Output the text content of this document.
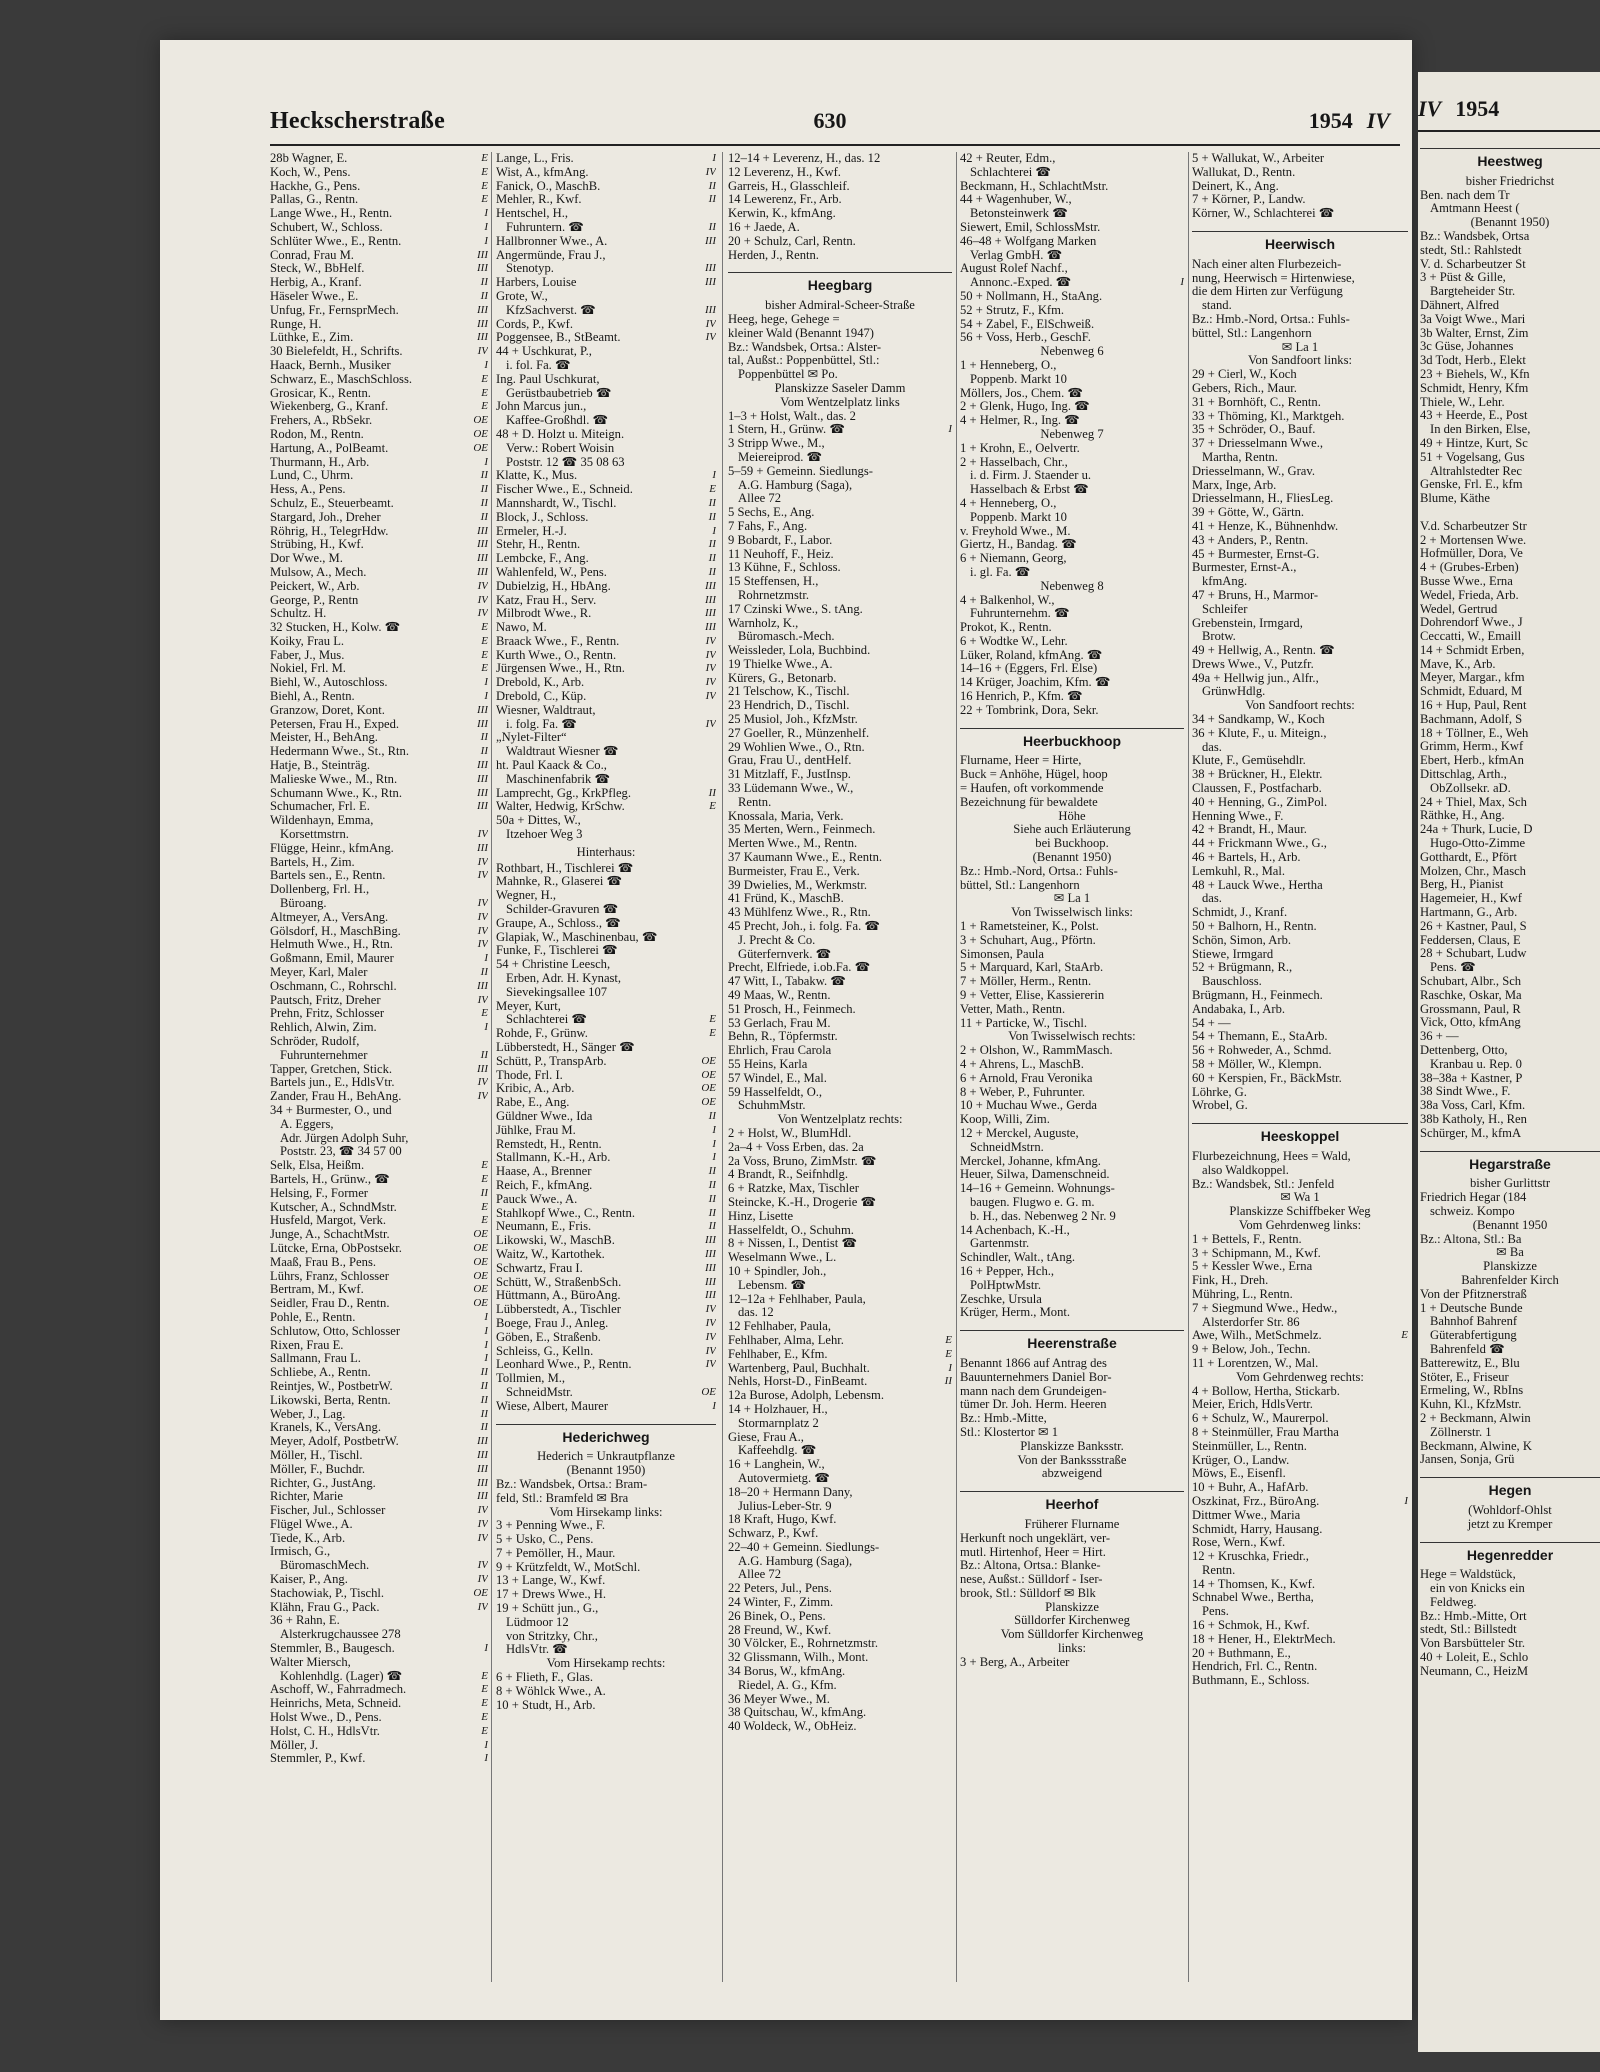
Heckscherstraße	630	1954 IV
28b Wagner, E.	E
Koch, W., Pens.	E
Hackhe, G., Pens.	E
Pallas, G., Rentn.	E
Lange Wwe., H., Rentn.	I
Schubert, W., Schloss.	I
Schlüter Wwe., E., Rentn.	I
Conrad, Frau M.	III
Steck, W., BbHelf.	III
Herbig, A., Kranf.	II
Häseler Wwe., E.	II
Unfug, Fr., FernsprMech.	III
Runge, H.	III
Lüthke, E., Zim.	III
30 Bielefeldt, H., Schrifts.	IV
Haack, Bernh., Musiker	I
Schwarz, E., MaschSchloss.	E
Grosicar, K., Rentn.	E
Wiekenberg, G., Kranf.	E
Frehers, A., RbSekr.	OE
Rodon, M., Rentn.	OE
Hartung, A., PolBeamt.	OE
Thurmann, H., Arb.	I
Lund, C., Uhrm.	II
Hess, A., Pens.	II
Schulz, E., Steuerbeamt.	II
Stargard, Joh., Dreher	II
Röhrig, H., TelegrHdw.	III
Strübing, H., Kwf.	III
Dor Wwe., M.	III
Mulsow, A., Mech.	III
Peickert, W., Arb.	IV
George, P., Rentn	IV
Schultz. H.	IV
32 Stucken, H., Kolw. ☎	E
Koiky, Frau L.	E
Faber, J., Mus.	E
Nokiel, Frl. M.	E
Biehl, W., Autoschloss.	I
Biehl, A., Rentn.	I
Granzow, Doret, Kont.	III
Petersen, Frau H., Exped.	III
Meister, H., BehAng.	II
Hedermann Wwe., St., Rtn.	II
Hatje, B., Steinträg.	III
Malieske Wwe., M., Rtn.	III
Schumann Wwe., K., Rtn.	III
Schumacher, Frl. E.	III
Wildenhayn, Emma,
Korsettmstrn.	IV
Flügge, Heinr., kfmAng.	III
Bartels, H., Zim.	IV
Bartels sen., E., Rentn.	IV
Dollenberg, Frl. H.,
Büroang.	IV
Altmeyer, A., VersAng.	IV
Gölsdorf, H., MaschBing.	IV
Helmuth Wwe., H., Rtn.	IV
Goßmann, Emil, Maurer	I
Meyer, Karl, Maler	II
Oschmann, C., Rohrschl.	III
Pautsch, Fritz, Dreher	IV
Prehn, Fritz, Schlosser	E
Rehlich, Alwin, Zim.	I
Schröder, Rudolf,
Fuhrunternehmer	II
Tapper, Gretchen, Stick.	III
Bartels jun., E., HdlsVtr.	IV
Zander, Frau H., BehAng.	IV
34 + Burmester, O., und
A. Eggers,
Adr. Jürgen Adolph Suhr,
Poststr. 23, ☎ 34 57 00
Selk, Elsa, Heißm.	E
Bartels, H., Grünw., ☎	E
Helsing, F., Former	II
Kutscher, A., SchndMstr.	E
Husfeld, Margot, Verk.	E
Junge, A., SchachtMstr.	OE
Lütcke, Erna, ObPostsekr.	OE
Maaß, Frau B., Pens.	OE
Lührs, Franz, Schlosser	OE
Bertram, M., Kwf.	OE
Seidler, Frau D., Rentn.	OE
Pohle, E., Rentn.	I
Schlutow, Otto, Schlosser	I
Rixen, Frau E.	I
Sallmann, Frau L.	I
Schliebe, A., Rentn.	II
Reintjes, W., PostbetrW.	II
Likowski, Berta, Rentn.	II
Weber, J., Lag.	II
Kranels, K., VersAng.	II
Meyer, Adolf, PostbetrW.	III
Möller, H., Tischl.	III
Möller, F., Buchdr.	III
Richter, G., JustAng.	III
Richter, Marie	III
Fischer, Jul., Schlosser	IV
Flügel Wwe., A.	IV
Tiede, K., Arb.	IV
Irmisch, G.,
BüromaschMech.	IV
Kaiser, P., Ang.	IV
Stachowiak, P., Tischl.	OE
Klähn, Frau G., Pack.	IV
36 + Rahn, E.
Alsterkrugchaussee 278
Stemmler, B., Baugesch.	I
Walter Miersch,
Kohlenhdlg. (Lager) ☎	E
Aschoff, W., Fahrradmech.	E
Heinrichs, Meta, Schneid.	E
Holst Wwe., D., Pens.	E
Holst, C. H., HdlsVtr.	E
Möller, J.	I
Stemmler, P., Kwf.	I
Lange, L., Fris.	I
Wist, A., kfmAng.	IV
Fanick, O., MaschB.	II
Mehler, R., Kwf.	II
Hentschel, H.,
Fuhruntern. ☎	II
Hallbronner Wwe., A.	III
Angermünde, Frau J.,
Stenotyp.	III
Harbers, Louise	III
Grote, W.,
KfzSachverst. ☎	III
Cords, P., Kwf.	IV
Poggensee, B., StBeamt.	IV
44 + Uschkurat, P.,
i. fol. Fa. ☎
Ing. Paul Uschkurat,
Gerüstbaubetrieb ☎
John Marcus jun.,
Kaffee-Großhdl. ☎
48 + D. Holzt u. Miteign.
Verw.: Robert Woisin
Poststr. 12 ☎ 35 08 63
Klatte, K., Mus.	I
Fischer Wwe., E., Schneid.	E
Mannshardt, W., Tischl.	II
Block, J., Schloss.	II
Ermeler, H.-J.	I
Stehr, H., Rentn.	II
Lembcke, F., Ang.	II
Wahlenfeld, W., Pens.	II
Dubielzig, H., HbAng.	III
Katz, Frau H., Serv.	III
Milbrodt Wwe., R.	III
Nawo, M.	III
Braack Wwe., F., Rentn.	IV
Kurth Wwe., O., Rentn.	IV
Jürgensen Wwe., H., Rtn.	IV
Drebold, K., Arb.	IV
Drebold, C., Küp.	IV
Wiesner, Waldtraut,
i. folg. Fa. ☎	IV
„Nylet-Filter“
Waldtraut Wiesner ☎
ht. Paul Kaack & Co.,
Maschinenfabrik ☎
Lamprecht, Gg., KrkPfleg.	II
Walter, Hedwig, KrSchw.	E
50a + Dittes, W.,
Itzehoer Weg 3
Hinterhaus:
Rothbart, H., Tischlerei ☎
Mahnke, R., Glaserei ☎
Wegner, H.,
Schilder-Gravuren ☎
Graupe, A., Schloss., ☎
Glapiak, W., Maschinenbau, ☎
Funke, F., Tischlerei ☎
54 + Christine Leesch,
Erben, Adr. H. Kynast,
Sievekingsallee 107
Meyer, Kurt,
Schlachterei ☎	E
Rohde, F., Grünw.	E
Lübberstedt, H., Sänger ☎
Schütt, P., TranspArb.	OE
Thode, Frl. I.	OE
Kribic, A., Arb.	OE
Rabe, E., Ang.	OE
Güldner Wwe., Ida	II
Jühlke, Frau M.	I
Remstedt, H., Rentn.	I
Stallmann, K.-H., Arb.	I
Haase, A., Brenner	II
Reich, F., kfmAng.	II
Pauck Wwe., A.	II
Stahlkopf Wwe., C., Rentn.	II
Neumann, E., Fris.	II
Likowski, W., MaschB.	III
Waitz, W., Kartothek.	III
Schwartz, Frau I.	III
Schütt, W., StraßenbSch.	III
Hüttmann, A., BüroAng.	III
Lübberstedt, A., Tischler	IV
Boege, Frau J., Anleg.	IV
Göben, E., Straßenb.	IV
Schleiss, G., Kelln.	IV
Leonhard Wwe., P., Rentn.	IV
Tollmien, M.,
SchneidMstr.	OE
Wiese, Albert, Maurer	I
Hederichweg
Hederich = Unkrautpflanze
(Benannt 1950)
Bz.: Wandsbek, Ortsa.: Bram-
feld, Stl.: Bramfeld ✉ Bra
Vom Hirsekamp links:
3 + Penning Wwe., F.
5 + Usko, C., Pens.
7 + Pemöller, H., Maur.
9 + Krützfeldt, W., MotSchl.
13 + Lange, W., Kwf.
17 + Drews Wwe., H.
19 + Schütt jun., G.,
Lüdmoor 12
von Stritzky, Chr.,
HdlsVtr. ☎
Vom Hirsekamp rechts:
6 + Flieth, F., Glas.
8 + Wöhlck Wwe., A.
10 + Studt, H., Arb.
12–14 + Leverenz, H., das. 12
12 Leverenz, H., Kwf.
Garreis, H., Glasschleif.
14 Lewerenz, Fr., Arb.
Kerwin, K., kfmAng.
16 + Jaede, A.
20 + Schulz, Carl, Rentn.
Herden, J., Rentn.
Heegbarg
bisher Admiral-Scheer-Straße
Heeg, hege, Gehege =
kleiner Wald (Benannt 1947)
Bz.: Wandsbek, Ortsa.: Alster-
tal, Außst.: Poppenbüttel, Stl.:
Poppenbüttel ✉ Po.
Planskizze Saseler Damm
Vom Wentzelplatz links
1–3 + Holst, Walt., das. 2
1 Stern, H., Grünw. ☎	I
3 Stripp Wwe., M.,
Meiereiprod. ☎
5–59 + Gemeinn. Siedlungs-
A.G. Hamburg (Saga),
Allee 72
5 Sechs, E., Ang.
7 Fahs, F., Ang.
9 Bobardt, F., Labor.
11 Neuhoff, F., Heiz.
13 Kühne, F., Schloss.
15 Steffensen, H.,
Rohrnetzmstr.
17 Czinski Wwe., S. tAng.
Warnholz, K.,
Büromasch.-Mech.
Weissleder, Lola, Buchbind.
19 Thielke Wwe., A.
Kürers, G., Betonarb.
21 Telschow, K., Tischl.
23 Hendrich, D., Tischl.
25 Musiol, Joh., KfzMstr.
27 Goeller, R., Münzenhelf.
29 Wohlien Wwe., O., Rtn.
Grau, Frau U., dentHelf.
31 Mitzlaff, F., JustInsp.
33 Lüdemann Wwe., W.,
Rentn.
Knossala, Maria, Verk.
35 Merten, Wern., Feinmech.
Merten Wwe., M., Rentn.
37 Kaumann Wwe., E., Rentn.
Burmeister, Frau E., Verk.
39 Dwielies, M., Werkmstr.
41 Fründ, K., MaschB.
43 Mühlfenz Wwe., R., Rtn.
45 Precht, Joh., i. folg. Fa. ☎
J. Precht & Co.
Güterfernverk. ☎
Precht, Elfriede, i.ob.Fa. ☎
47 Witt, I., Tabakw. ☎
49 Maas, W., Rentn.
51 Prosch, H., Feinmech.
53 Gerlach, Frau M.
Behn, R., Töpfermstr.
Ehrlich, Frau Carola
55 Heins, Karla
57 Windel, E., Mal.
59 Hasselfeldt, O.,
SchuhmMstr.
Von Wentzelplatz rechts:
2 + Holst, W., BlumHdl.
2a–4 + Voss Erben, das. 2a
2a Voss, Bruno, ZimMstr. ☎
4 Brandt, R., Seifnhdlg.
6 + Ratzke, Max, Tischler
Steincke, K.-H., Drogerie ☎
Hinz, Lisette
Hasselfeldt, O., Schuhm.
8 + Nissen, I., Dentist ☎
Weselmann Wwe., L.
10 + Spindler, Joh.,
Lebensm. ☎
12–12a + Fehlhaber, Paula,
das. 12
12 Fehlhaber, Paula,
Fehlhaber, Alma, Lehr.	E
Fehlhaber, E., Kfm.	E
Wartenberg, Paul, Buchhalt.	I
Nehls, Horst-D., FinBeamt.	II
12a Burose, Adolph, Lebensm.
14 + Holzhauer, H.,
Stormarnplatz 2
Giese, Frau A.,
Kaffeehdlg. ☎
16 + Langhein, W.,
Autovermietg. ☎
18–20 + Hermann Dany,
Julius-Leber-Str. 9
18 Kraft, Hugo, Kwf.
Schwarz, P., Kwf.
22–40 + Gemeinn. Siedlungs-
A.G. Hamburg (Saga),
Allee 72
22 Peters, Jul., Pens.
24 Winter, F., Zimm.
26 Binek, O., Pens.
28 Freund, W., Kwf.
30 Völcker, E., Rohrnetzmstr.
32 Glissmann, Wilh., Mont.
34 Borus, W., kfmAng.
Riedel, A. G., Kfm.
36 Meyer Wwe., M.
38 Quitschau, W., kfmAng.
40 Woldeck, W., ObHeiz.
42 + Reuter, Edm.,
Schlachterei ☎
Beckmann, H., SchlachtMstr.
44 + Wagenhuber, W.,
Betonsteinwerk ☎
Siewert, Emil, SchlossMstr.
46–48 + Wolfgang Marken
Verlag GmbH. ☎
August Rolef Nachf.,
Annonc.-Exped. ☎	I
50 + Nollmann, H., StaAng.
52 + Strutz, F., Kfm.
54 + Zabel, F., ElSchweiß.
56 + Voss, Herb., GeschF.
Nebenweg 6
1 + Henneberg, O.,
Poppenb. Markt 10
Möllers, Jos., Chem. ☎
2 + Glenk, Hugo, Ing. ☎
4 + Helmer, R., Ing. ☎
Nebenweg 7
1 + Krohn, E., Oelvertr.
2 + Hasselbach, Chr.,
i. d. Firm. J. Staender u.
Hasselbach & Erbst ☎
4 + Henneberg, O.,
Poppenb. Markt 10
v. Freyhold Wwe., M.
Giertz, H., Bandag. ☎
6 + Niemann, Georg,
i. gl. Fa. ☎
Nebenweg 8
4 + Balkenhol, W.,
Fuhrunternehm. ☎
Prokot, K., Rentn.
6 + Wodtke W., Lehr.
Lüker, Roland, kfmAng. ☎
14–16 + (Eggers, Frl. Else)
14 Krüger, Joachim, Kfm. ☎
16 Henrich, P., Kfm. ☎
22 + Tombrink, Dora, Sekr.
Heerbuckhoop
Flurname, Heer = Hirte,
Buck = Anhöhe, Hügel, hoop
= Haufen, oft vorkommende
Bezeichnung für bewaldete
Höhe
Siehe auch Erläuterung
bei Buckhoop.
(Benannt 1950)
Bz.: Hmb.-Nord, Ortsa.: Fuhls-
büttel, Stl.: Langenhorn
✉ La 1
Von Twisselwisch links:
1 + Rametsteiner, K., Polst.
3 + Schuhart, Aug., Pförtn.
Simonsen, Paula
5 + Marquard, Karl, StaArb.
7 + Möller, Herm., Rentn.
9 + Vetter, Elise, Kassiererin
Vetter, Math., Rentn.
11 + Particke, W., Tischl.
Von Twisselwisch rechts:
2 + Olshon, W., RammMasch.
4 + Ahrens, L., MaschB.
6 + Arnold, Frau Veronika
8 + Weber, P., Fuhrunter.
10 + Muchau Wwe., Gerda
Koop, Willi, Zim.
12 + Merckel, Auguste,
SchneidMstrn.
Merckel, Johanne, kfmAng.
Heuer, Silwa, Damenschneid.
14–16 + Gemeinn. Wohnungs-
baugen. Flugwo e. G. m.
b. H., das. Nebenweg 2 Nr. 9
14 Achenbach, K.-H.,
Gartenmstr.
Schindler, Walt., tAng.
16 + Pepper, Hch.,
PolHptwMstr.
Zeschke, Ursula
Krüger, Herm., Mont.
Heerenstraße
Benannt 1866 auf Antrag des
Bauunternehmers Daniel Bor-
mann nach dem Grundeigen-
tümer Dr. Joh. Herm. Heeren
Bz.: Hmb.-Mitte,
Stl.: Klostertor ✉ 1
Planskizze Banksstr.
Von der Bankssstraße
abzweigend
Heerhof
Früherer Flurname
Herkunft noch ungeklärt, ver-
mutl. Hirtenhof, Heer = Hirt.
Bz.: Altona, Ortsa.: Blanke-
nese, Außst.: Sülldorf - Iser-
brook, Stl.: Sülldorf ✉ Blk
Planskizze
Sülldorfer Kirchenweg
Vom Sülldorfer Kirchenweg
links:
3 + Berg, A., Arbeiter
5 + Wallukat, W., Arbeiter
Wallukat, D., Rentn.
Deinert, K., Ang.
7 + Körner, P., Landw.
Körner, W., Schlachterei ☎
Heerwisch
Nach einer alten Flurbezeich-
nung, Heerwisch = Hirtenwiese,
die dem Hirten zur Verfügung
stand.
Bz.: Hmb.-Nord, Ortsa.: Fuhls-
büttel, Stl.: Langenhorn
✉ La 1
Von Sandfoort links:
29 + Cierl, W., Koch
Gebers, Rich., Maur.
31 + Bornhöft, C., Rentn.
33 + Thöming, Kl., Marktgeh.
35 + Schröder, O., Bauf.
37 + Driesselmann Wwe.,
Martha, Rentn.
Driesselmann, W., Grav.
Marx, Inge, Arb.
Driesselmann, H., FliesLeg.
39 + Götte, W., Gärtn.
41 + Henze, K., Bühnenhdw.
43 + Anders, P., Rentn.
45 + Burmester, Ernst-G.
Burmester, Ernst-A.,
kfmAng.
47 + Bruns, H., Marmor-
Schleifer
Grebenstein, Irmgard,
Brotw.
49 + Hellwig, A., Rentn. ☎
Drews Wwe., V., Putzfr.
49a + Hellwig jun., Alfr.,
GrünwHdlg.
Von Sandfoort rechts:
34 + Sandkamp, W., Koch
36 + Klute, F., u. Miteign.,
das.
Klute, F., Gemüsehdlr.
38 + Brückner, H., Elektr.
Claussen, F., Postfacharb.
40 + Henning, G., ZimPol.
Henning Wwe., F.
42 + Brandt, H., Maur.
44 + Frickmann Wwe., G.,
46 + Bartels, H., Arb.
Lemkuhl, R., Mal.
48 + Lauck Wwe., Hertha
das.
Schmidt, J., Kranf.
50 + Balhorn, H., Rentn.
Schön, Simon, Arb.
Stiewe, Irmgard
52 + Brügmann, R.,
Bauschloss.
Brügmann, H., Feinmech.
Andabaka, I., Arb.
54 + —
54 + Themann, E., StaArb.
56 + Rohweder, A., Schmd.
58 + Möller, W., Klempn.
60 + Kerspien, Fr., BäckMstr.
Löhrke, G.
Wrobel, G.
Heeskoppel
Flurbezeichnung, Hees = Wald,
also Waldkoppel.
Bz.: Wandsbek, Stl.: Jenfeld
✉ Wa 1
Planskizze Schiffbeker Weg
Vom Gehrdenweg links:
1 + Bettels, F., Rentn.
3 + Schipmann, M., Kwf.
5 + Kessler Wwe., Erna
Fink, H., Dreh.
Mühring, L., Rentn.
7 + Siegmund Wwe., Hedw.,
Alsterdorfer Str. 86
Awe, Wilh., MetSchmelz.	E
9 + Below, Joh., Techn.
11 + Lorentzen, W., Mal.
Vom Gehrdenweg rechts:
4 + Bollow, Hertha, Stickarb.
Meier, Erich, HdlsVertr.
6 + Schulz, W., Maurerpol.
8 + Steinmüller, Frau Martha
Steinmüller, L., Rentn.
Krüger, O., Landw.
Möws, E., Eisenfl.
10 + Buhr, A., HafArb.
Oszkinat, Frz., BüroAng.	I
Dittmer Wwe., Maria
Schmidt, Harry, Hausang.
Rose, Wern., Kwf.
12 + Kruschka, Friedr.,
Rentn.
14 + Thomsen, K., Kwf.
Schnabel Wwe., Bertha,
Pens.
16 + Schmok, H., Kwf.
18 + Hener, H., ElektrMech.
20 + Buthmann, E.,
Hendrich, Frl. C., Rentn.
Buthmann, E., Schloss.
IV 1954
Heestweg
bisher Friedrichst
Ben. nach dem Tr
Amtmann Heest (
(Benannt 1950)
Bz.: Wandsbek, Ortsa
stedt, Stl.: Rahlstedt
V. d. Scharbeutzer St
3 + Püst & Gille,
Bargteheider Str.
Dähnert, Alfred
3a Voigt Wwe., Mari
3b Walter, Ernst, Zim
3c Güse, Johannes
3d Todt, Herb., Elekt
23 + Biehels, W., Kfn
Schmidt, Henry, Kfm
Thiele, W., Lehr.
43 + Heerde, E., Post
In den Birken, Else,
49 + Hintze, Kurt, Sc
51 + Vogelsang, Gus
Altrahlstedter Rec
Genske, Frl. E., kfm
Blume, Käthe

V.d. Scharbeutzer Str
2 + Mortensen Wwe.
Hofmüller, Dora, Ve
4 + (Grubes-Erben)
Busse Wwe., Erna
Wedel, Frieda, Arb.
Wedel, Gertrud
Dohrendorf Wwe., J
Ceccatti, W., Emaill
14 + Schmidt Erben,
Mave, K., Arb.
Meyer, Margar., kfm
Schmidt, Eduard, M
16 + Hup, Paul, Rent
Bachmann, Adolf, S
18 + Töllner, E., Weh
Grimm, Herm., Kwf
Ebert, Herb., kfmAn
Dittschlag, Arth.,
ObZollsekr. aD.
24 + Thiel, Max, Sch
Räthke, H., Ang.
24a + Thurk, Lucie, D
Hugo-Otto-Zimme
Gotthardt, E., Pfört
Molzen, Chr., Masch
Berg, H., Pianist
Hagemeier, H., Kwf
Hartmann, G., Arb.
26 + Kastner, Paul, S
Feddersen, Claus, E
28 + Schubart, Ludw
Pens. ☎
Schubart, Albr., Sch
Raschke, Oskar, Ma
Grossmann, Paul, R
Vick, Otto, kfmAng
36 + —
Dettenberg, Otto,
Kranbau u. Rep. 0
38–38a + Kastner, P
38 Sindt Wwe., F.
38a Voss, Carl, Kfm.
38b Katholy, H., Ren
Schürger, M., kfmA
Hegarstraße
bisher Gurlittstr
Friedrich Hegar (184
schweiz. Kompo
(Benannt 1950
Bz.: Altona, Stl.: Ba
✉ Ba
Planskizze
Bahrenfelder Kirch
Von der Pfitznerstraß
1 + Deutsche Bunde
Bahnhof Bahrenf
Güterabfertigung
Bahrenfeld ☎
Batterewitz, E., Blu
Stöter, E., Friseur
Ermeling, W., RbIns
Kuhn, Kl., KfzMstr.
2 + Beckmann, Alwin
Zöllnerstr. 1
Beckmann, Alwine, K
Jansen, Sonja, Grü
Hegen
(Wohldorf-Ohlst
jetzt zu Kremper
Hegenredder
Hege = Waldstück,
ein von Knicks ein
Feldweg.
Bz.: Hmb.-Mitte, Ort
stedt, Stl.: Billstedt
Von Barsbütteler Str.
40 + Loleit, E., Schlo
Neumann, C., HeizM
